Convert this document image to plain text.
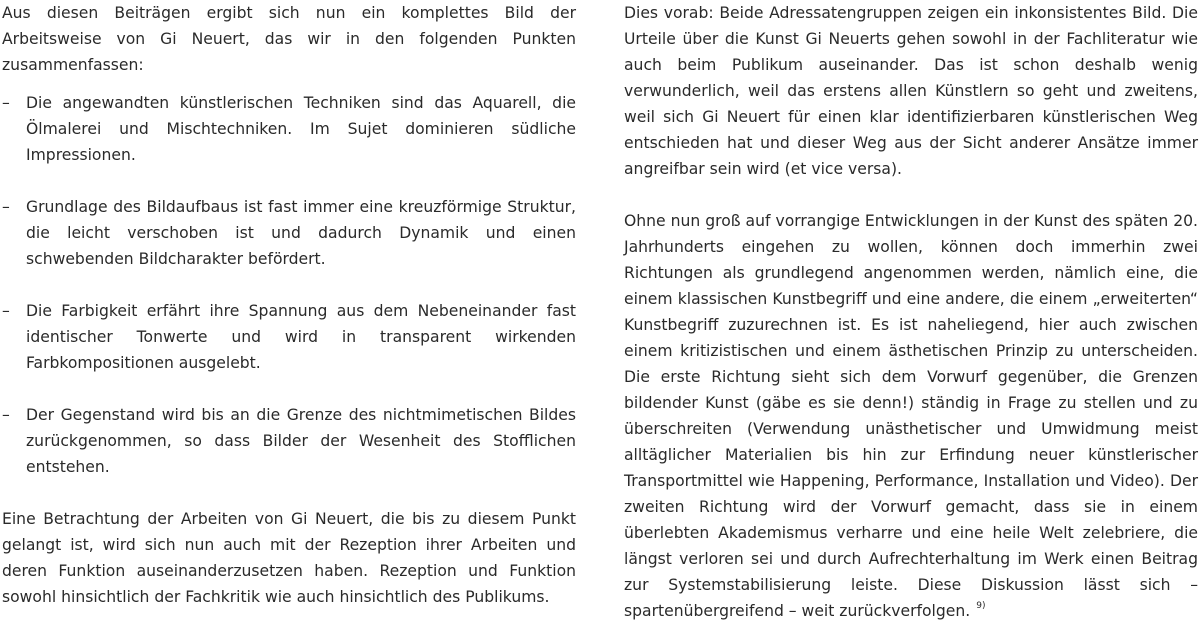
Aus diesen Beiträgen ergibt sich nun ein komplettes Bild der Arbeitsweise von Gi Neuert, das wir in den folgenden Punkten zusammenfassen:

– Die angewandten künstlerischen Techniken sind das Aquarell, die Ölmalerei und Mischtechniken. Im Sujet dominieren südliche Impressionen.
– Grundlage des Bildaufbaus ist fast immer eine kreuzförmige Struktur, die leicht verschoben ist und dadurch Dynamik und einen schwebenden Bildcharakter befördert.
– Die Farbigkeit erfährt ihre Spannung aus dem Nebeneinander fast identischer Tonwerte und wird in transparent wirkenden Farbkompositionen ausgelebt.
– Der Gegenstand wird bis an die Grenze des nichtmimetischen Bildes zurückgenommen, so dass Bilder der Wesenheit des Stofflichen entstehen.

Eine Betrachtung der Arbeiten von Gi Neuert, die bis zu diesem Punkt gelangt ist, wird sich nun auch mit der Rezeption ihrer Arbeiten und deren Funktion auseinanderzusetzen haben. Rezeption und Funktion sowohl hinsichtlich der Fachkritik wie auch hinsichtlich des Publikums.

Dies vorab: Beide Adressatengruppen zeigen ein inkonsistentes Bild. Die Urteile über die Kunst Gi Neuerts gehen sowohl in der Fachliteratur wie auch beim Publikum auseinander. Das ist schon deshalb wenig verwunderlich, weil das erstens allen Künstlern so geht und zweitens, weil sich Gi Neuert für einen klar identifizierbaren künstlerischen Weg entschieden hat und dieser Weg aus der Sicht anderer Ansätze immer angreifbar sein wird (et vice versa).

Ohne nun groß auf vorrangige Entwicklungen in der Kunst des späten 20. Jahrhunderts eingehen zu wollen, können doch immerhin zwei Richtungen als grundlegend angenommen werden, nämlich eine, die einem klassischen Kunstbegriff und eine andere, die einem „erweiterten“ Kunstbegriff zuzurechnen ist. Es ist naheliegend, hier auch zwischen einem kritizistischen und einem ästhetischen Prinzip zu unterscheiden. Die erste Richtung sieht sich dem Vorwurf gegenüber, die Grenzen bildender Kunst (gäbe es sie denn!) ständig in Frage zu stellen und zu überschreiten (Verwendung unästhetischer und Umwidmung meist alltäglicher Materialien bis hin zur Erfindung neuer künstlerischer Transportmittel wie Happening, Performance, Installation und Video). Der zweiten Richtung wird der Vorwurf gemacht, dass sie in einem überlebten Akademismus verharre und eine heile Welt zelebriere, die längst verloren sei und durch Aufrechterhaltung im Werk einen Beitrag zur Systemstabilisierung leiste. Diese Diskussion lässt sich – spartenübergreifend – weit zurückverfolgen. $^{9)}$
